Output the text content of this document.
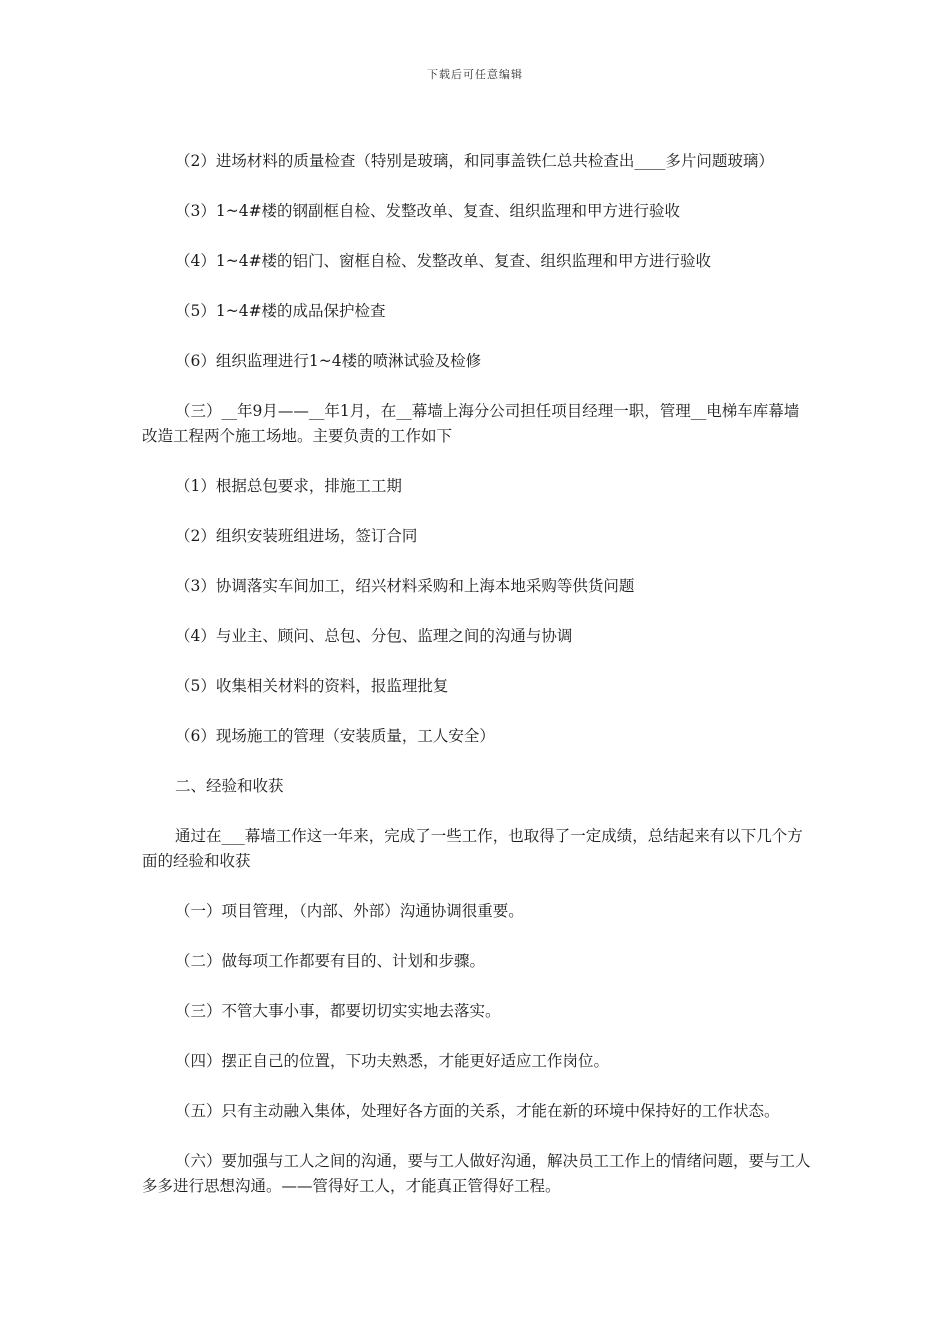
下载后可任意编辑

（2）进场材料的质量检查（特别是玻璃，和同事盖铁仁总共检查出____多片问题玻璃）

（3）1~4#楼的钢副框自检、发整改单、复查、组织监理和甲方进行验收

（4）1~4#楼的铝门、窗框自检、发整改单、复查、组织监理和甲方进行验收

（5）1~4#楼的成品保护检查

（6）组织监理进行1~4楼的喷淋试验及检修

（三）__年9月——__年1月，在__幕墙上海分公司担任项目经理一职，管理__电梯车库幕墙改造工程两个施工场地。主要负责的工作如下

（1）根据总包要求，排施工工期

（2）组织安装班组进场，签订合同

（3）协调落实车间加工，绍兴材料采购和上海本地采购等供货问题

（4）与业主、顾问、总包、分包、监理之间的沟通与协调

（5）收集相关材料的资料，报监理批复

（6）现场施工的管理（安装质量，工人安全）

二、经验和收获

通过在___幕墙工作这一年来，完成了一些工作，也取得了一定成绩，总结起来有以下几个方面的经验和收获

（一）项目管理，（内部、外部）沟通协调很重要。

（二）做每项工作都要有目的、计划和步骤。

（三）不管大事小事，都要切切实实地去落实。

（四）摆正自己的位置，下功夫熟悉，才能更好适应工作岗位。

（五）只有主动融入集体，处理好各方面的关系，才能在新的环境中保持好的工作状态。

（六）要加强与工人之间的沟通，要与工人做好沟通，解决员工工作上的情绪问题，要与工人多多进行思想沟通。——管得好工人，才能真正管得好工程。
